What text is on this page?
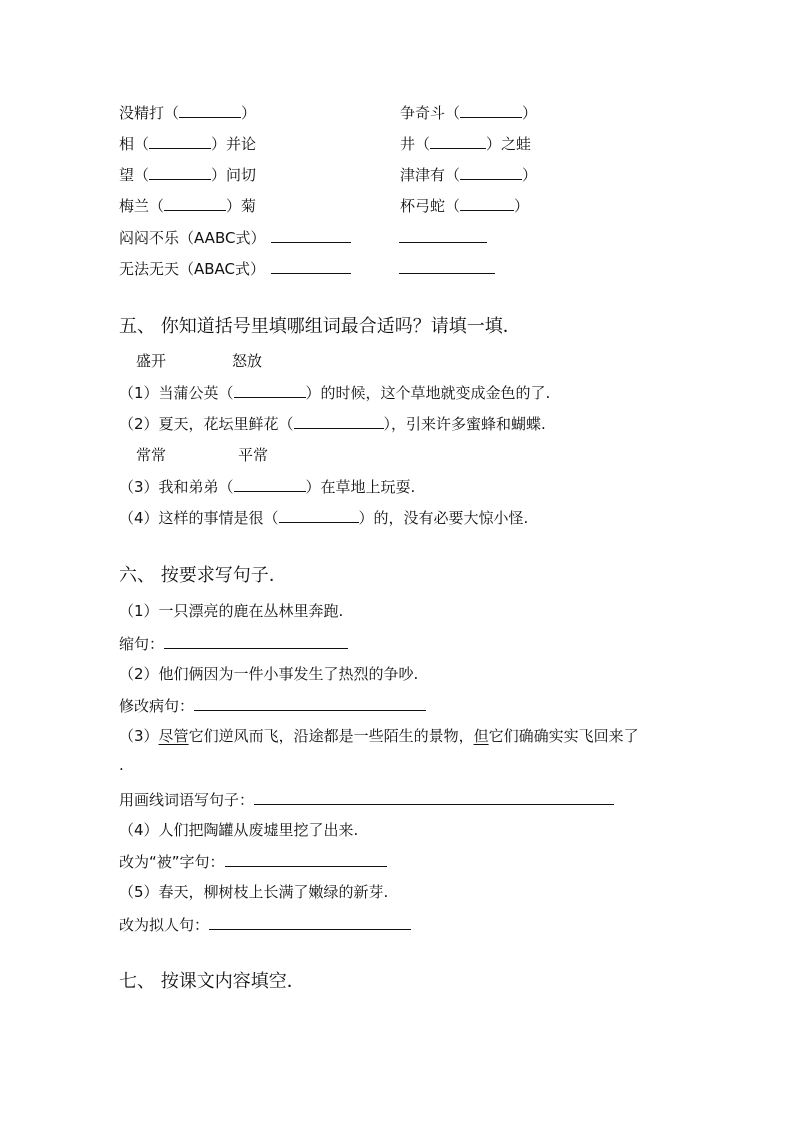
没精打（	）	争奇斗（	）
相（	）并论	井（	）之蛙
望（	）问切	津津有（	）
梅兰（	）菊	杯弓蛇（	）
闷闷不乐（AABC式）
无法无天（ABAC式）
五、 你知道括号里填哪组词最合适吗？请填一填．
盛开	怒放
（1）当蒲公英（	）的时候，这个草地就变成金色的了.
（2）夏天，花坛里鲜花（	），引来许多蜜蜂和蝴蝶.
常常	平常
（3）我和弟弟（	）在草地上玩耍.
（4）这样的事情是很（	）的，没有必要大惊小怪.
六、 按要求写句子.
（1）一只漂亮的鹿在丛林里奔跑.
缩句：
（2）他们俩因为一件小事发生了热烈的争吵.
修改病句：
（3）尽管它们逆风而飞，沿途都是一些陌生的景物，但它们确确实实飞回来了
.
用画线词语写句子：
（4）人们把陶罐从废墟里挖了出来.
改为“被”字句：
（5）春天，柳树枝上长满了嫩绿的新芽.
改为拟人句：
七、 按课文内容填空．
